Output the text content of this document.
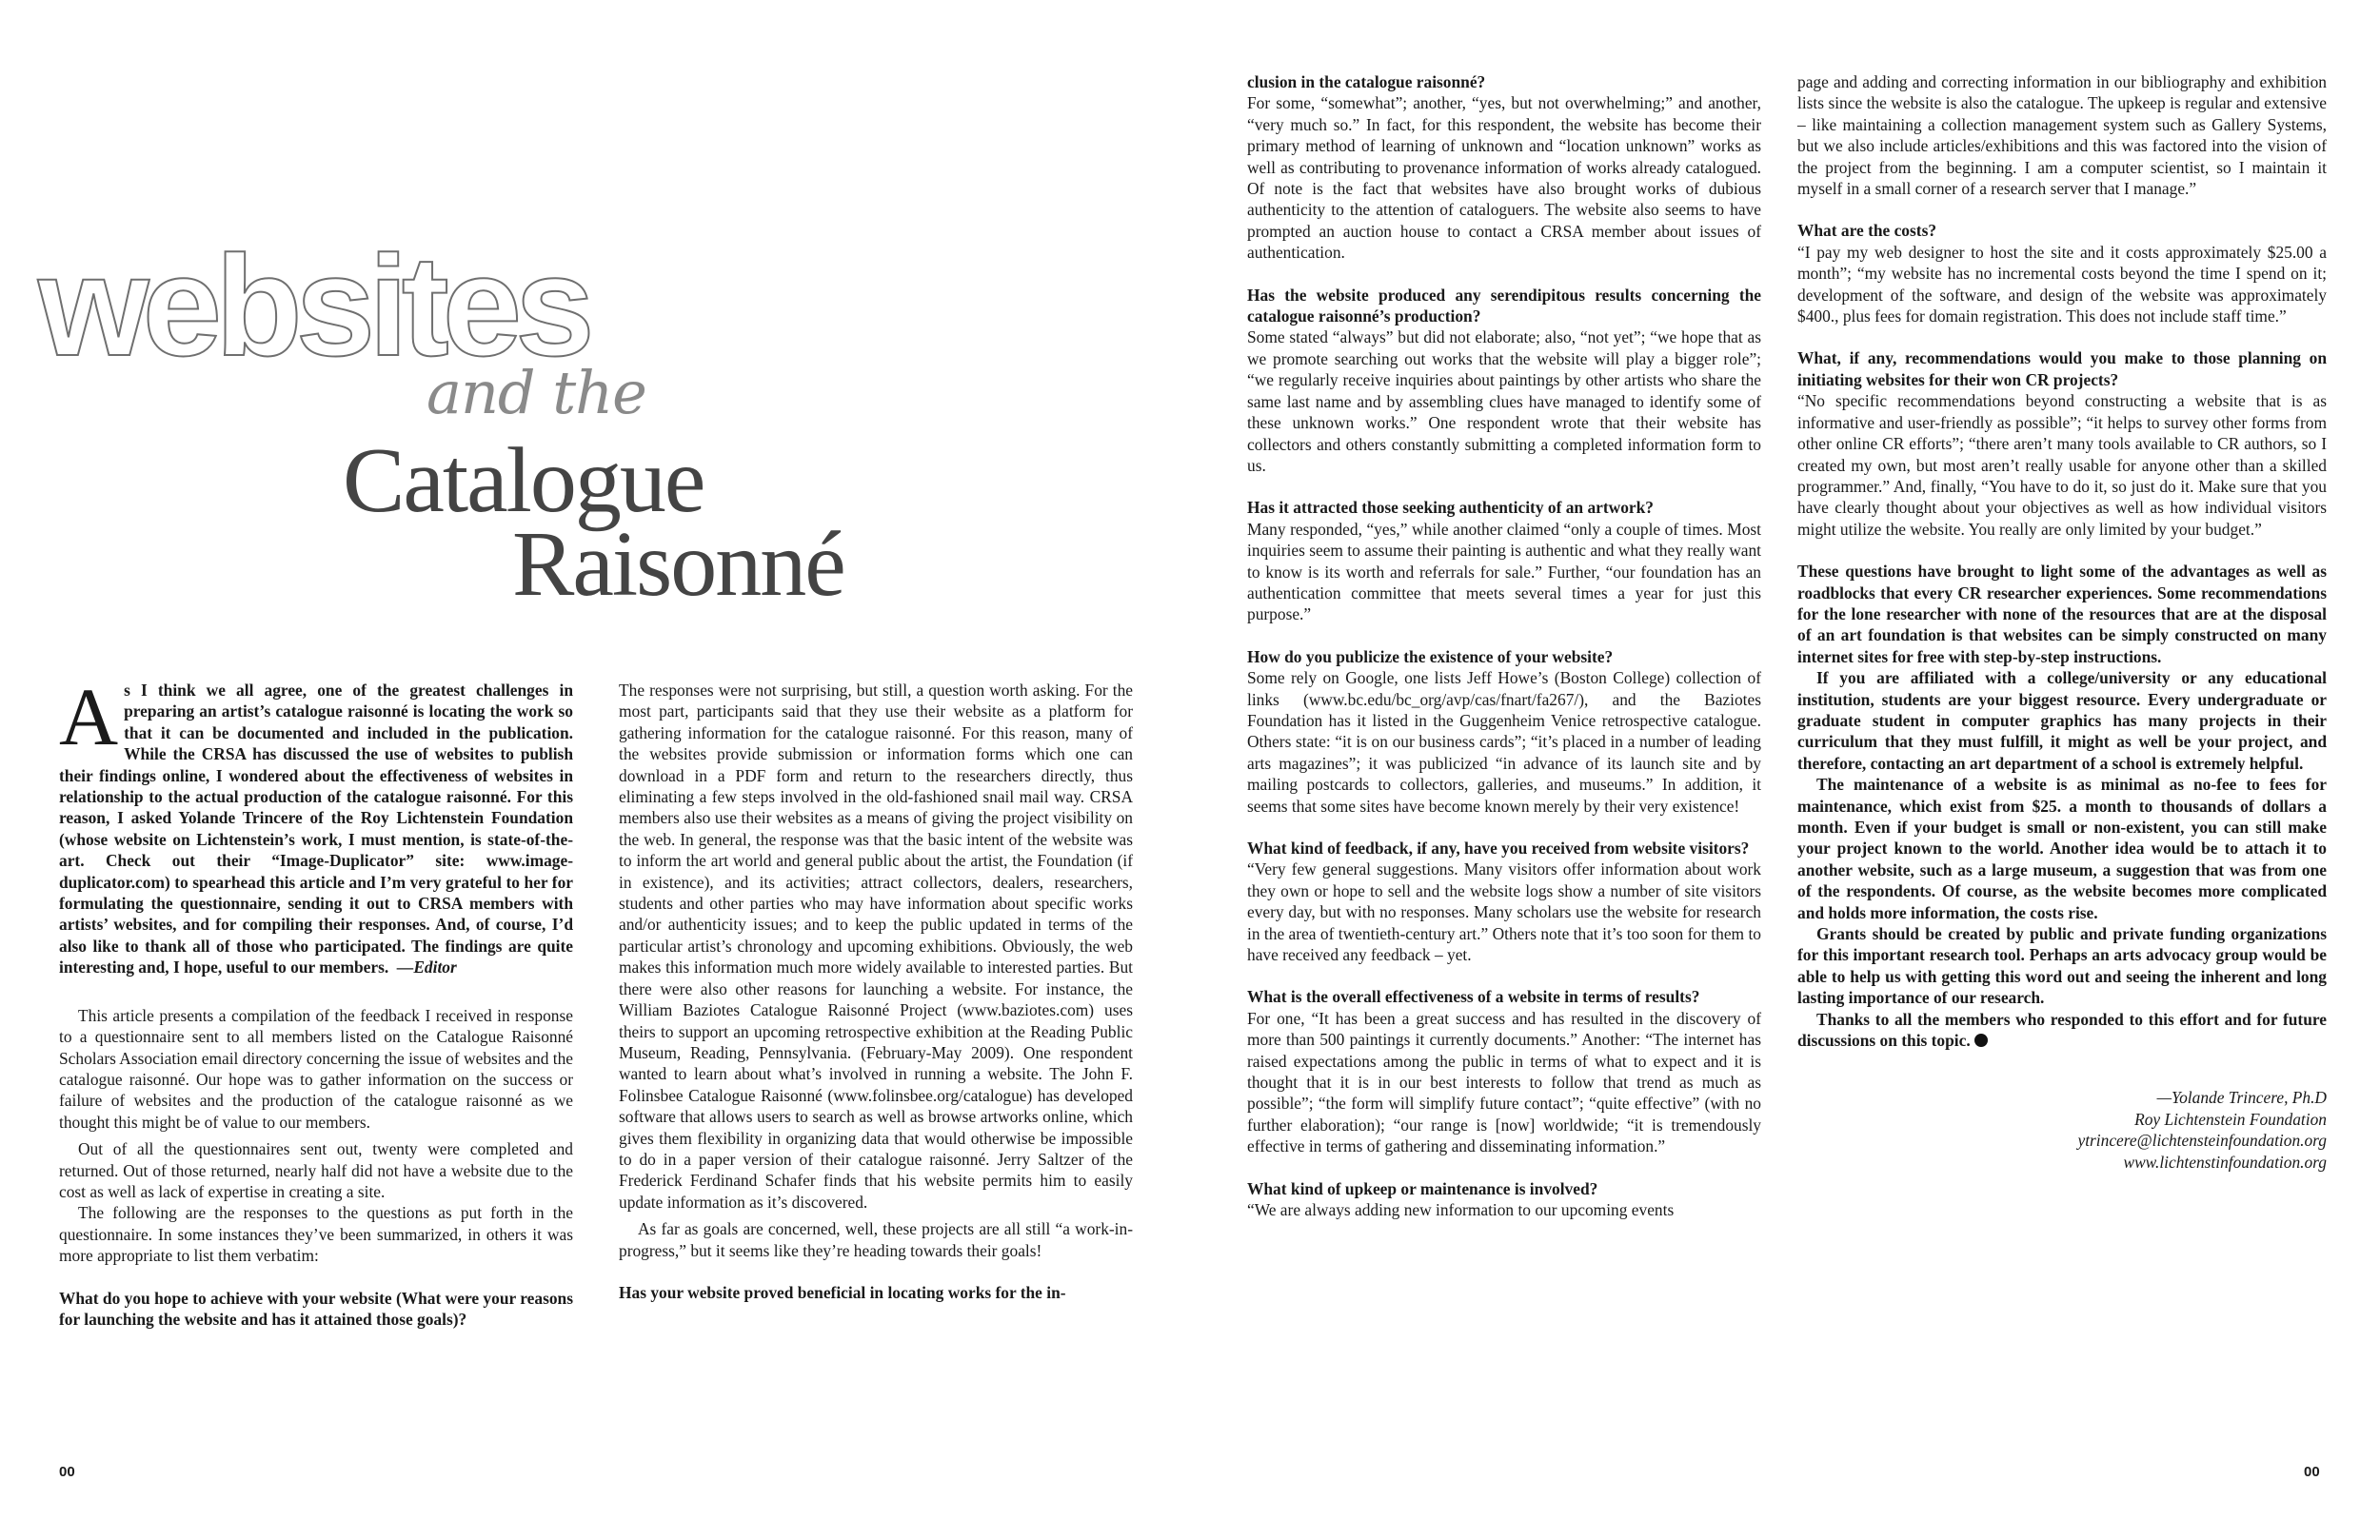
websites
and the
Catalogue
Raisonné

As I think we all agree, one of the greatest challenges in preparing an artist’s catalogue raisonné is locating the work so that it can be documented and included in the publication. While the CRSA has discussed the use of websites to publish their findings online, I wondered about the effectiveness of websites in relationship to the actual production of the catalogue raisonné. For this reason, I asked Yolande Trincere of the Roy Lichtenstein Foundation (whose website on Lichtenstein’s work, I must mention, is state-of-the-art. Check out their “Image-Duplicator” site: www.image-duplicator.com) to spearhead this article and I’m very grateful to her for formulating the questionnaire, sending it out to CRSA members with artists’ websites, and for compiling their responses. And, of course, I’d also like to thank all of those who participated. The findings are quite interesting and, I hope, useful to our members. —Editor

This article presents a compilation of the feedback I received in response to a questionnaire sent to all members listed on the Catalogue Raisonné Scholars Association email directory concerning the issue of websites and the catalogue raisonné. Our hope was to gather information on the success or failure of websites and the production of the catalogue raisonné as we thought this might be of value to our members.

Out of all the questionnaires sent out, twenty were completed and returned. Out of those returned, nearly half did not have a website due to the cost as well as lack of expertise in creating a site.

The following are the responses to the questions as put forth in the questionnaire. In some instances they’ve been summarized, in others it was more appropriate to list them verbatim:

What do you hope to achieve with your website (What were your reasons for launching the website and has it attained those goals)?

The responses were not surprising, but still, a question worth asking. For the most part, participants said that they use their website as a platform for gathering information for the catalogue raisonné. For this reason, many of the websites provide submission or information forms which one can download in a PDF form and return to the researchers directly, thus eliminating a few steps involved in the old-fashioned snail mail way. CRSA members also use their websites as a means of giving the project visibility on the web. In general, the response was that the basic intent of the website was to inform the art world and general public about the artist, the Foundation (if in existence), and its activities; attract collectors, dealers, researchers, students and other parties who may have information about specific works and/or authenticity issues; and to keep the public updated in terms of the particular artist’s chronology and upcoming exhibitions. Obviously, the web makes this information much more widely available to interested parties. But there were also other reasons for launching a website. For instance, the William Baziotes Catalogue Raisonné Project (www.baziotes.com) uses theirs to support an upcoming retrospective exhibition at the Reading Public Museum, Reading, Pennsylvania. (February-May 2009). One respondent wanted to learn about what’s involved in running a website. The John F. Folinsbee Catalogue Raisonné (www.folinsbee.org/catalogue) has developed software that allows users to search as well as browse artworks online, which gives them flexibility in organizing data that would otherwise be impossible to do in a paper version of their catalogue raisonné. Jerry Saltzer of the Frederick Ferdinand Schafer finds that his website permits him to easily update information as it’s discovered.

As far as goals are concerned, well, these projects are all still “a work-in-progress,” but it seems like they’re heading towards their goals!

Has your website proved beneficial in locating works for the in-

clusion in the catalogue raisonné?

For some, “somewhat”; another, “yes, but not overwhelming;” and another, “very much so.” In fact, for this respondent, the website has become their primary method of learning of unknown and “location unknown” works as well as contributing to provenance information of works already catalogued. Of note is the fact that websites have also brought works of dubious authenticity to the attention of cataloguers. The website also seems to have prompted an auction house to contact a CRSA member about issues of authentication.

Has the website produced any serendipitous results concerning the catalogue raisonné’s production?

Some stated “always” but did not elaborate; also, “not yet”; “we hope that as we promote searching out works that the website will play a bigger role”; “we regularly receive inquiries about paintings by other artists who share the same last name and by assembling clues have managed to identify some of these unknown works.” One respondent wrote that their website has collectors and others constantly submitting a completed information form to us.

Has it attracted those seeking authenticity of an artwork?

Many responded, “yes,” while another claimed “only a couple of times. Most inquiries seem to assume their painting is authentic and what they really want to know is its worth and referrals for sale.” Further, “our foundation has an authentication committee that meets several times a year for just this purpose.”

How do you publicize the existence of your website?

Some rely on Google, one lists Jeff Howe’s (Boston College) collection of links (www.bc.edu/bc_org/avp/cas/fnart/fa267/), and the Baziotes Foundation has it listed in the Guggenheim Venice retrospective catalogue. Others state: “it is on our business cards”; “it’s placed in a number of leading arts magazines”; it was publicized “in advance of its launch site and by mailing postcards to collectors, galleries, and museums.” In addition, it seems that some sites have become known merely by their very existence!

What kind of feedback, if any, have you received from website visitors?

“Very few general suggestions. Many visitors offer information about work they own or hope to sell and the website logs show a number of site visitors every day, but with no responses. Many scholars use the website for research in the area of twentieth-century art.” Others note that it’s too soon for them to have received any feedback – yet.

What is the overall effectiveness of a website in terms of results?

For one, “It has been a great success and has resulted in the discovery of more than 500 paintings it currently documents.” Another: “The internet has raised expectations among the public in terms of what to expect and it is thought that it is in our best interests to follow that trend as much as possible”; “the form will simplify future contact”; “quite effective” (with no further elaboration); “our range is [now] worldwide; “it is tremendously effective in terms of gathering and disseminating information.”

What kind of upkeep or maintenance is involved?

“We are always adding new information to our upcoming events

page and adding and correcting information in our bibliography and exhibition lists since the website is also the catalogue. The upkeep is regular and extensive – like maintaining a collection management system such as Gallery Systems, but we also include articles/exhibitions and this was factored into the vision of the project from the beginning. I am a computer scientist, so I maintain it myself in a small corner of a research server that I manage.”

What are the costs?

“I pay my web designer to host the site and it costs approximately $25.00 a month”; “my website has no incremental costs beyond the time I spend on it; development of the software, and design of the website was approximately $400., plus fees for domain registration. This does not include staff time.”

What, if any, recommendations would you make to those planning on initiating websites for their won CR projects?

“No specific recommendations beyond constructing a website that is as informative and user-friendly as possible”; “it helps to survey other forms from other online CR efforts”; “there aren’t many tools available to CR authors, so I created my own, but most aren’t really usable for anyone other than a skilled programmer.” And, finally, “You have to do it, so just do it. Make sure that you have clearly thought about your objectives as well as how individual visitors might utilize the website. You really are only limited by your budget.”

These questions have brought to light some of the advantages as well as roadblocks that every CR researcher experiences. Some recommendations for the lone researcher with none of the resources that are at the disposal of an art foundation is that websites can be simply constructed on many internet sites for free with step-by-step instructions.

If you are affiliated with a college/university or any educational institution, students are your biggest resource. Every undergraduate or graduate student in computer graphics has many projects in their curriculum that they must fulfill, it might as well be your project, and therefore, contacting an art department of a school is extremely helpful.

The maintenance of a website is as minimal as no-fee to fees for maintenance, which exist from $25. a month to thousands of dollars a month. Even if your budget is small or non-existent, you can still make your project known to the world. Another idea would be to attach it to another website, such as a large museum, a suggestion that was from one of the respondents. Of course, as the website becomes more complicated and holds more information, the costs rise.

Grants should be created by public and private funding organizations for this important research tool. Perhaps an arts advocacy group would be able to help us with getting this word out and seeing the inherent and long lasting importance of our research.

Thanks to all the members who responded to this effort and for future discussions on this topic.

—Yolande Trincere, Ph.D
Roy Lichtenstein Foundation
ytrincere@lichtensteinfoundation.org
www.lichtenstinfoundation.org
00	00
